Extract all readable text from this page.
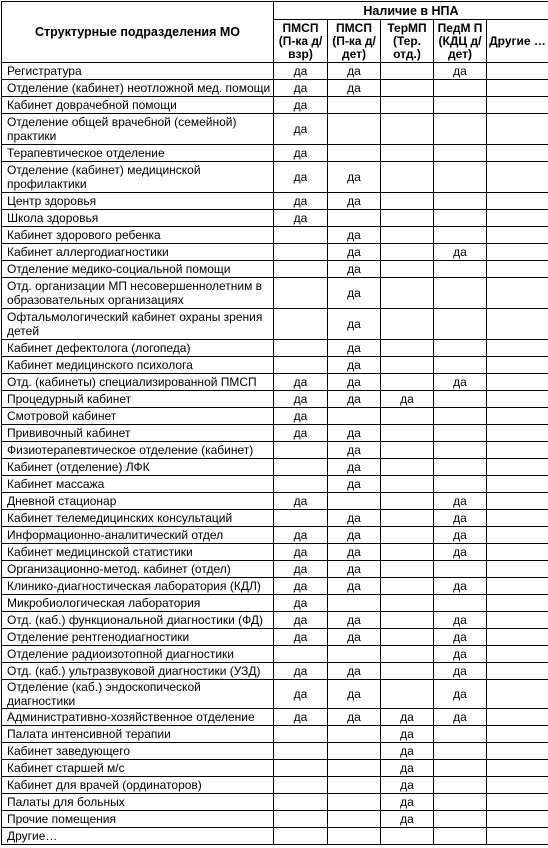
Структурные подразделения МО	Наличие в НПА				
	ПМСП (П-ка д/взр)	ПМСП (П-ка д/дет)	ТерМП (Тер. отд.)	ПедМ П (КДЦ д/дет)	Другие …
Регистратура	да	да		да	
Отделение (кабинет) неотложной мед. помощи	да	да			
Кабинет доврачебной помощи	да				
Отделение общей врачебной (семейной) практики	да				
Терапевтическое отделение	да				
Отделение (кабинет) медицинской профилактики	да	да			
Центр здоровья	да	да			
Школа здоровья	да				
Кабинет здорового ребенка		да			
Кабинет аллергодиагностики		да		да	
Отделение медико-социальной помощи		да			
Отд. организации МП несовершеннолетним в образовательных организациях		да			
Офтальмологический кабинет охраны зрения детей		да			
Кабинет дефектолога (логопеда)		да			
Кабинет медицинского психолога		да			
Отд. (кабинеты) специализированной ПМСП	да	да		да	
Процедурный кабинет	да	да	да		
Смотровой кабинет	да				
Прививочный кабинет	да	да			
Физиотерапевтическое отделение (кабинет)		да			
Кабинет (отделение) ЛФК		да			
Кабинет массажа		да			
Дневной стационар	да			да	
Кабинет телемедицинских консультаций		да		да	
Информационно-аналитический отдел	да	да		да	
Кабинет медицинской статистики	да	да		да	
Организационно-метод. кабинет (отдел)	да	да			
Клинико-диагностическая лаборатория (КДЛ)	да	да		да	
Микробиологическая лаборатория	да				
Отд. (каб.) функциональной диагностики (ФД)	да	да		да	
Отделение рентгенодиагностики	да	да		да	
Отделение радиоизотопной диагностики				да	
Отд. (каб.) ультразвуковой диагностики (УЗД)	да	да		да	
Отделение (каб.) эндоскопической диагностики	да	да		да	
Административно-хозяйственное отделение	да	да	да	да	
Палата интенсивной терапии			да		
Кабинет заведующего			да		
Кабинет старшей м/с			да		
Кабинет для врачей (ординаторов)			да		
Палаты для больных			да		
Прочие помещения			да		
Другие…					
